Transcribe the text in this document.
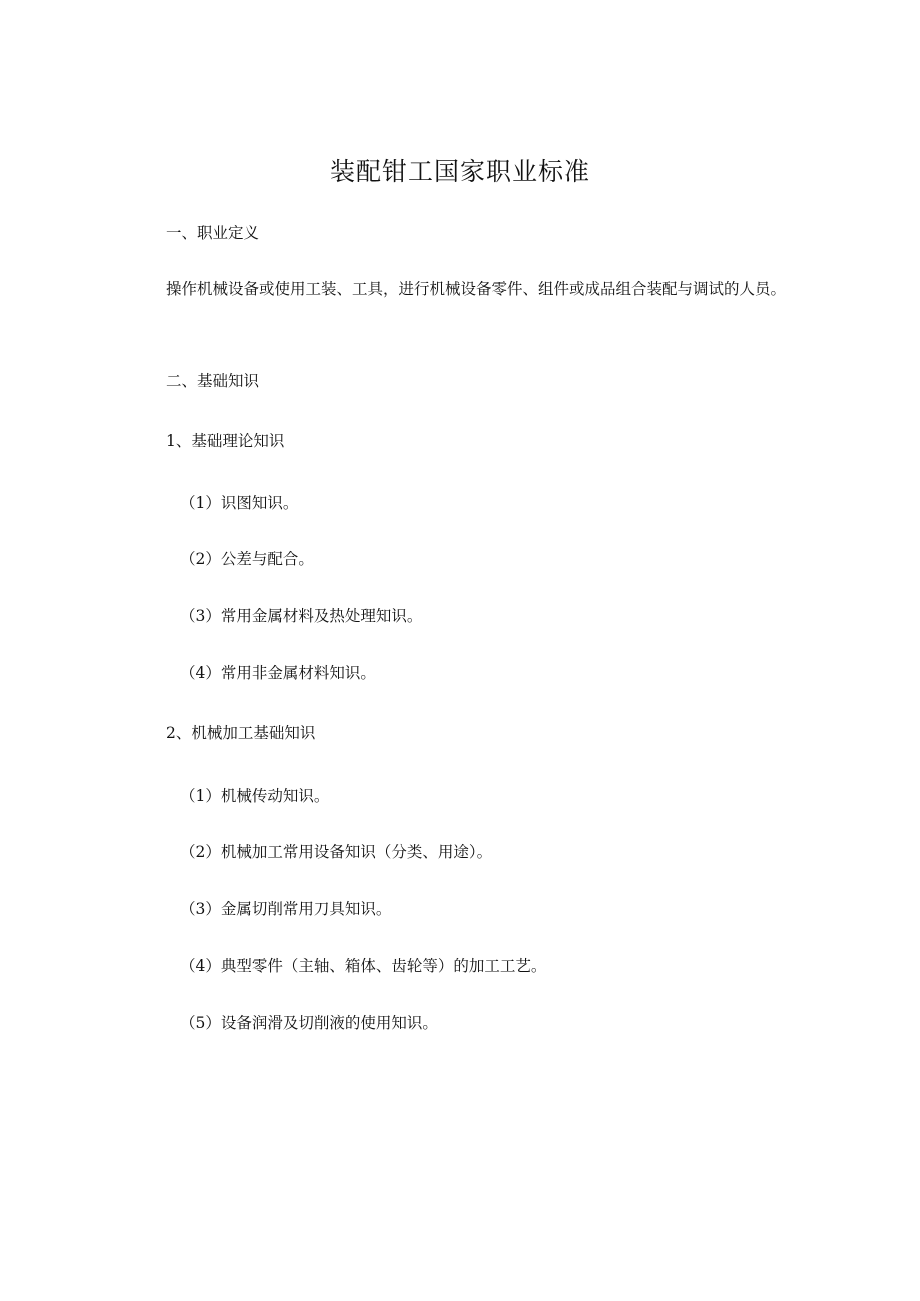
装配钳工国家职业标准
一、职业定义
操作机械设备或使用工装、工具，进行机械设备零件、组件或成品组合装配与调试的人员。
二、基础知识
1、基础理论知识
（1）识图知识。
（2）公差与配合。
（3）常用金属材料及热处理知识。
（4）常用非金属材料知识。
2、机械加工基础知识
（1）机械传动知识。
（2）机械加工常用设备知识（分类、用途）。
（3）金属切削常用刀具知识。
（4）典型零件（主轴、箱体、齿轮等）的加工工艺。
（5）设备润滑及切削液的使用知识。
